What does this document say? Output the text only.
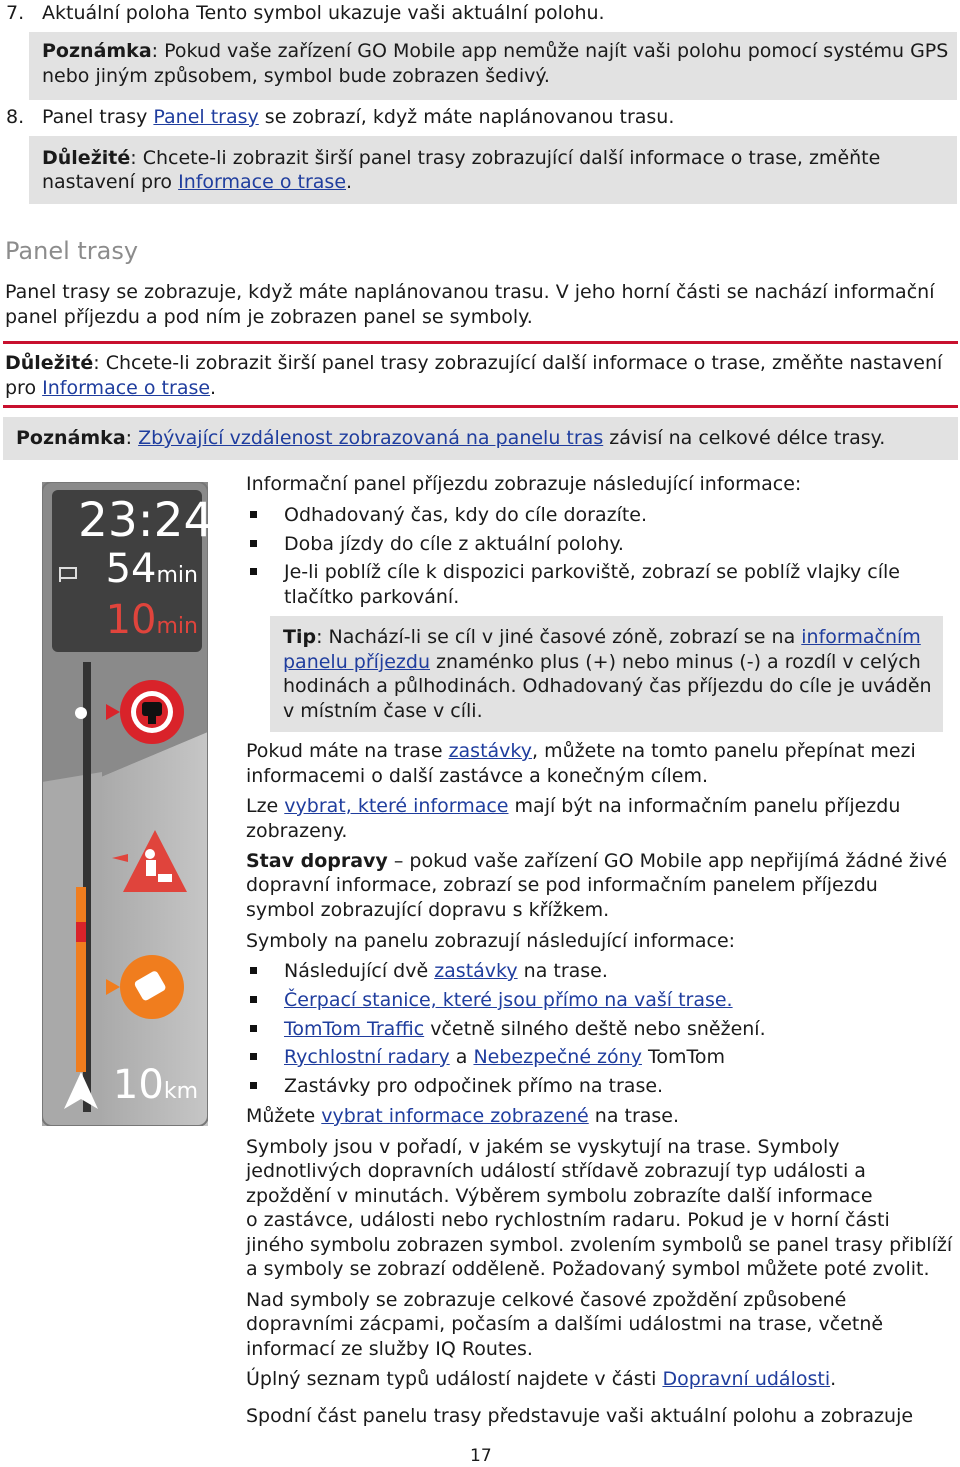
7. Aktuální poloha Tento symbol ukazuje vaši aktuální polohu.
Poznámka: Pokud vaše zařízení GO Mobile app nemůže najít vaši polohu pomocí systému GPS
nebo jiným způsobem, symbol bude zobrazen šedivý.
8. Panel trasy Panel trasy se zobrazí, když máte naplánovanou trasu.
Důležité: Chcete-li zobrazit širší panel trasy zobrazující další informace o trase, změňte
nastavení pro Informace o trase.
Panel trasy
Panel trasy se zobrazuje, když máte naplánovanou trasu. V jeho horní části se nachází informační
panel příjezdu a pod ním je zobrazen panel se symboly.
Důležité: Chcete-li zobrazit širší panel trasy zobrazující další informace o trase, změňte nastavení
pro Informace o trase.
Poznámka: Zbývající vzdálenost zobrazovaná na panelu tras závisí na celkové délce trasy.
23:24
54min
10min
10km
Informační panel příjezdu zobrazuje následující informace:
Odhadovaný čas, kdy do cíle dorazíte.
Doba jízdy do cíle z aktuální polohy.
Je-li poblíž cíle k dispozici parkoviště, zobrazí se poblíž vlajky cíle
tlačítko parkování.
Tip: Nachází-li se cíl v jiné časové zóně, zobrazí se na informačním
panelu příjezdu znaménko plus (+) nebo minus (-) a rozdíl v celých
hodinách a půlhodinách. Odhadovaný čas příjezdu do cíle je uváděn
v místním čase v cíli.
Pokud máte na trase zastávky, můžete na tomto panelu přepínat mezi
informacemi o další zastávce a konečným cílem.
Lze vybrat, které informace mají být na informačním panelu příjezdu
zobrazeny.
Stav dopravy – pokud vaše zařízení GO Mobile app nepřijímá žádné živé
dopravní informace, zobrazí se pod informačním panelem příjezdu
symbol zobrazující dopravu s křížkem.
Symboly na panelu zobrazují následující informace:
Následující dvě zastávky na trase.
Čerpací stanice, které jsou přímo na vaší trase.
TomTom Traffic včetně silného deště nebo sněžení.
Rychlostní radary a Nebezpečné zóny TomTom
Zastávky pro odpočinek přímo na trase.
Můžete vybrat informace zobrazené na trase.
Symboly jsou v pořadí, v jakém se vyskytují na trase. Symboly
jednotlivých dopravních událostí střídavě zobrazují typ události a
zpoždění v minutách. Výběrem symbolu zobrazíte další informace
o zastávce, události nebo rychlostním radaru. Pokud je v horní části
jiného symbolu zobrazen symbol. zvolením symbolů se panel trasy přiblíží
a symboly se zobrazí odděleně. Požadovaný symbol můžete poté zvolit.
Nad symboly se zobrazuje celkové časové zpoždění způsobené
dopravními zácpami, počasím a dalšími událostmi na trase, včetně
informací ze služby IQ Routes.
Úplný seznam typů událostí najdete v části Dopravní události.
Spodní část panelu trasy představuje vaši aktuální polohu a zobrazuje
17
